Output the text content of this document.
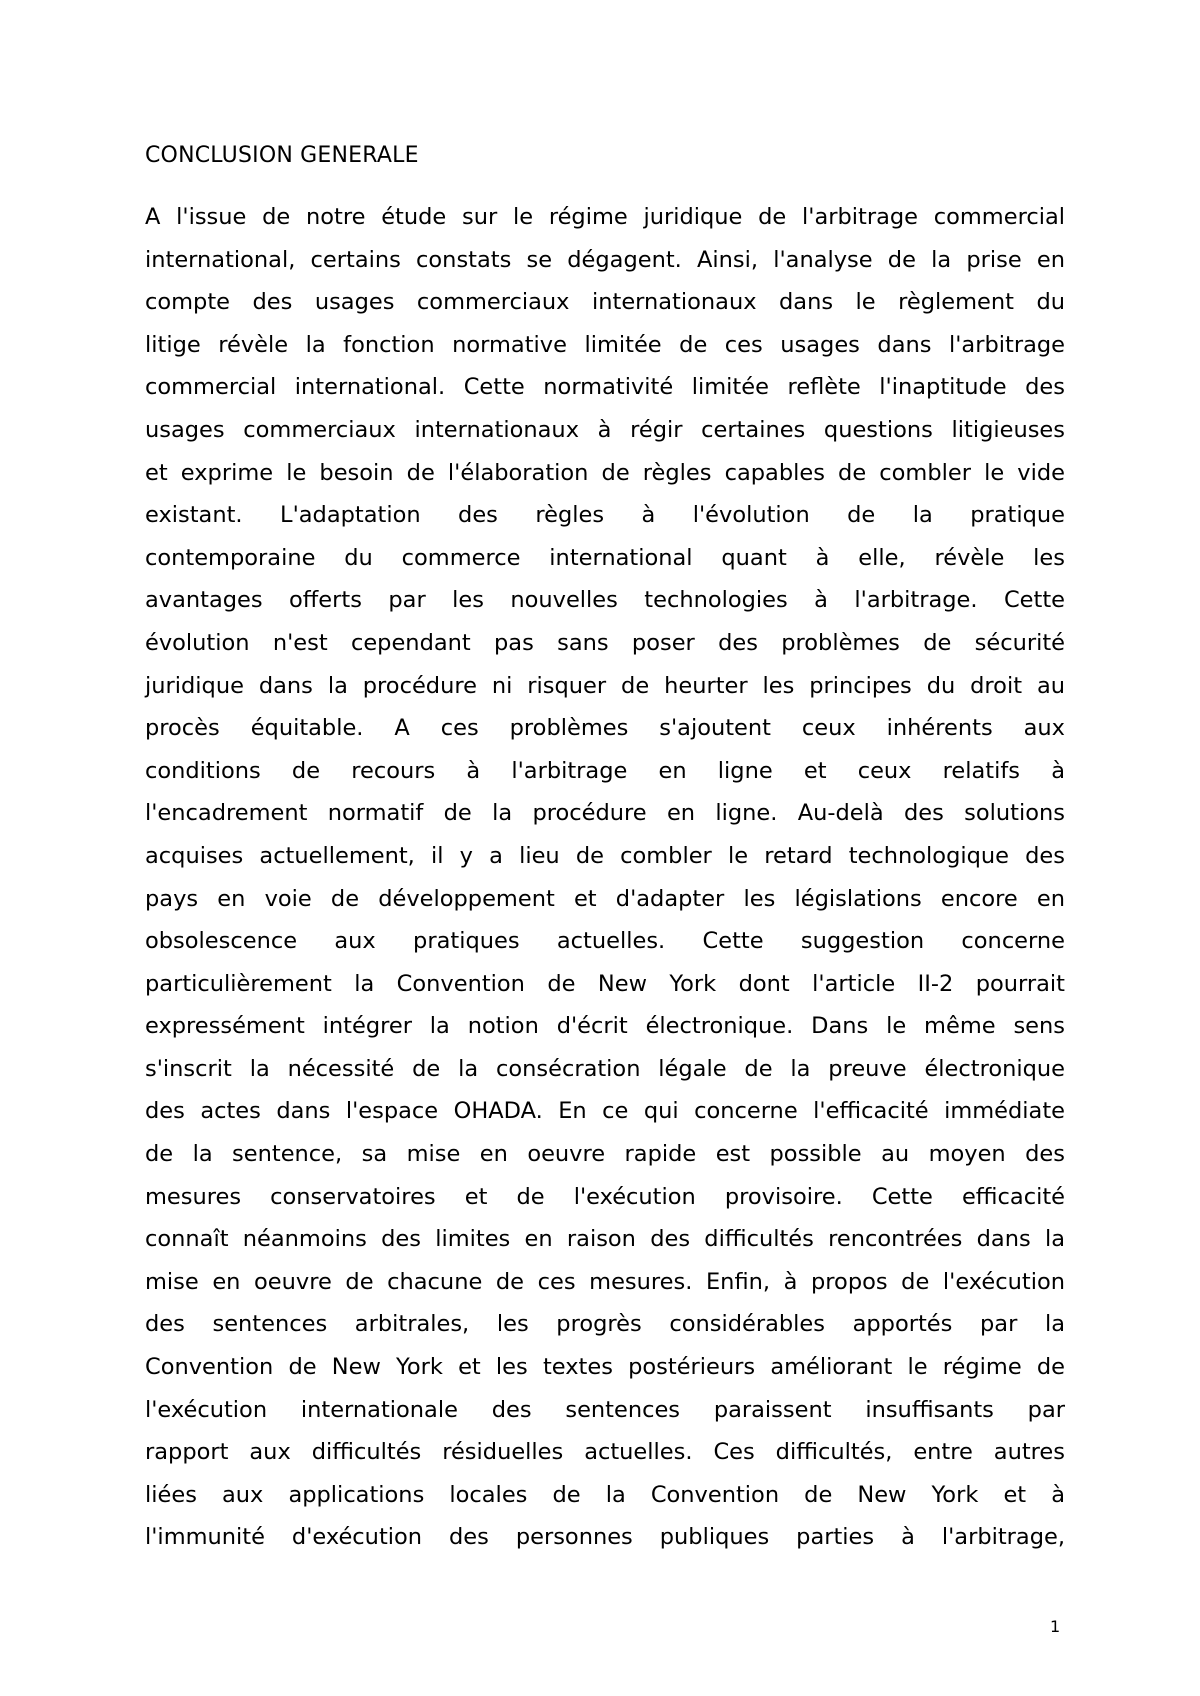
CONCLUSION GENERALE
A l'issue de notre étude sur le régime juridique de l'arbitrage commercial
international, certains constats se dégagent. Ainsi, l'analyse de la prise en
compte des usages commerciaux internationaux dans le règlement du
litige révèle la fonction normative limitée de ces usages dans l'arbitrage
commercial international. Cette normativité limitée reflète l'inaptitude des
usages commerciaux internationaux à régir certaines questions litigieuses
et exprime le besoin de l'élaboration de règles capables de combler le vide
existant. L'adaptation des règles à l'évolution de la pratique
contemporaine du commerce international quant à elle, révèle les
avantages offerts par les nouvelles technologies à l'arbitrage. Cette
évolution n'est cependant pas sans poser des problèmes de sécurité
juridique dans la procédure ni risquer de heurter les principes du droit au
procès équitable. A ces problèmes s'ajoutent ceux inhérents aux
conditions de recours à l'arbitrage en ligne et ceux relatifs à
l'encadrement normatif de la procédure en ligne. Au-delà des solutions
acquises actuellement, il y a lieu de combler le retard technologique des
pays en voie de développement et d'adapter les législations encore en
obsolescence aux pratiques actuelles. Cette suggestion concerne
particulièrement la Convention de New York dont l'article II-2 pourrait
expressément intégrer la notion d'écrit électronique. Dans le même sens
s'inscrit la nécessité de la consécration légale de la preuve électronique
des actes dans l'espace OHADA. En ce qui concerne l'efficacité immédiate
de la sentence, sa mise en oeuvre rapide est possible au moyen des
mesures conservatoires et de l'exécution provisoire. Cette efficacité
connaît néanmoins des limites en raison des difficultés rencontrées dans la
mise en oeuvre de chacune de ces mesures. Enfin, à propos de l'exécution
des sentences arbitrales, les progrès considérables apportés par la
Convention de New York et les textes postérieurs améliorant le régime de
l'exécution internationale des sentences paraissent insuffisants par
rapport aux difficultés résiduelles actuelles. Ces difficultés, entre autres
liées aux applications locales de la Convention de New York et à
l'immunité d'exécution des personnes publiques parties à l'arbitrage,
1
